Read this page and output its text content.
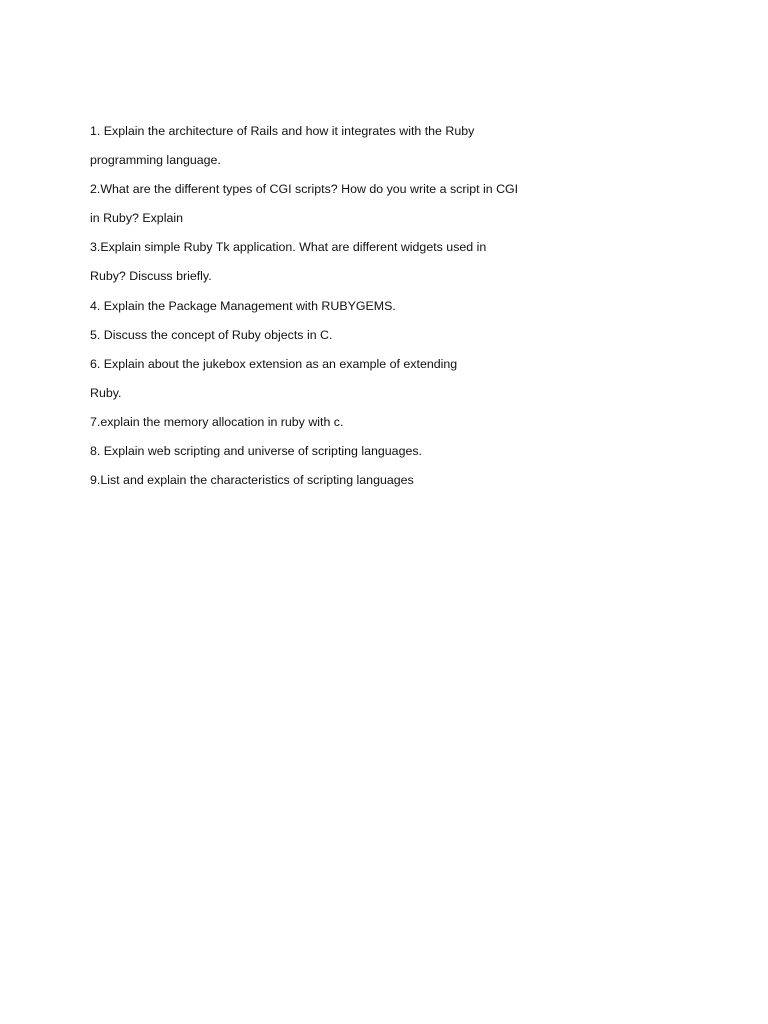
1. Explain the architecture of Rails and how it integrates with the Ruby
programming language.
2.What are the different types of CGI scripts? How do you write a script in CGI
in Ruby? Explain
3.Explain simple Ruby Tk application. What are different widgets used in
Ruby? Discuss briefly.
4. Explain the Package Management with RUBYGEMS.
5. Discuss the concept of Ruby objects in C.
6. Explain about the jukebox extension as an example of extending
Ruby.
7.explain the memory allocation in ruby with c.
8. Explain web scripting and universe of scripting languages.
9.List and explain the characteristics of scripting languages
